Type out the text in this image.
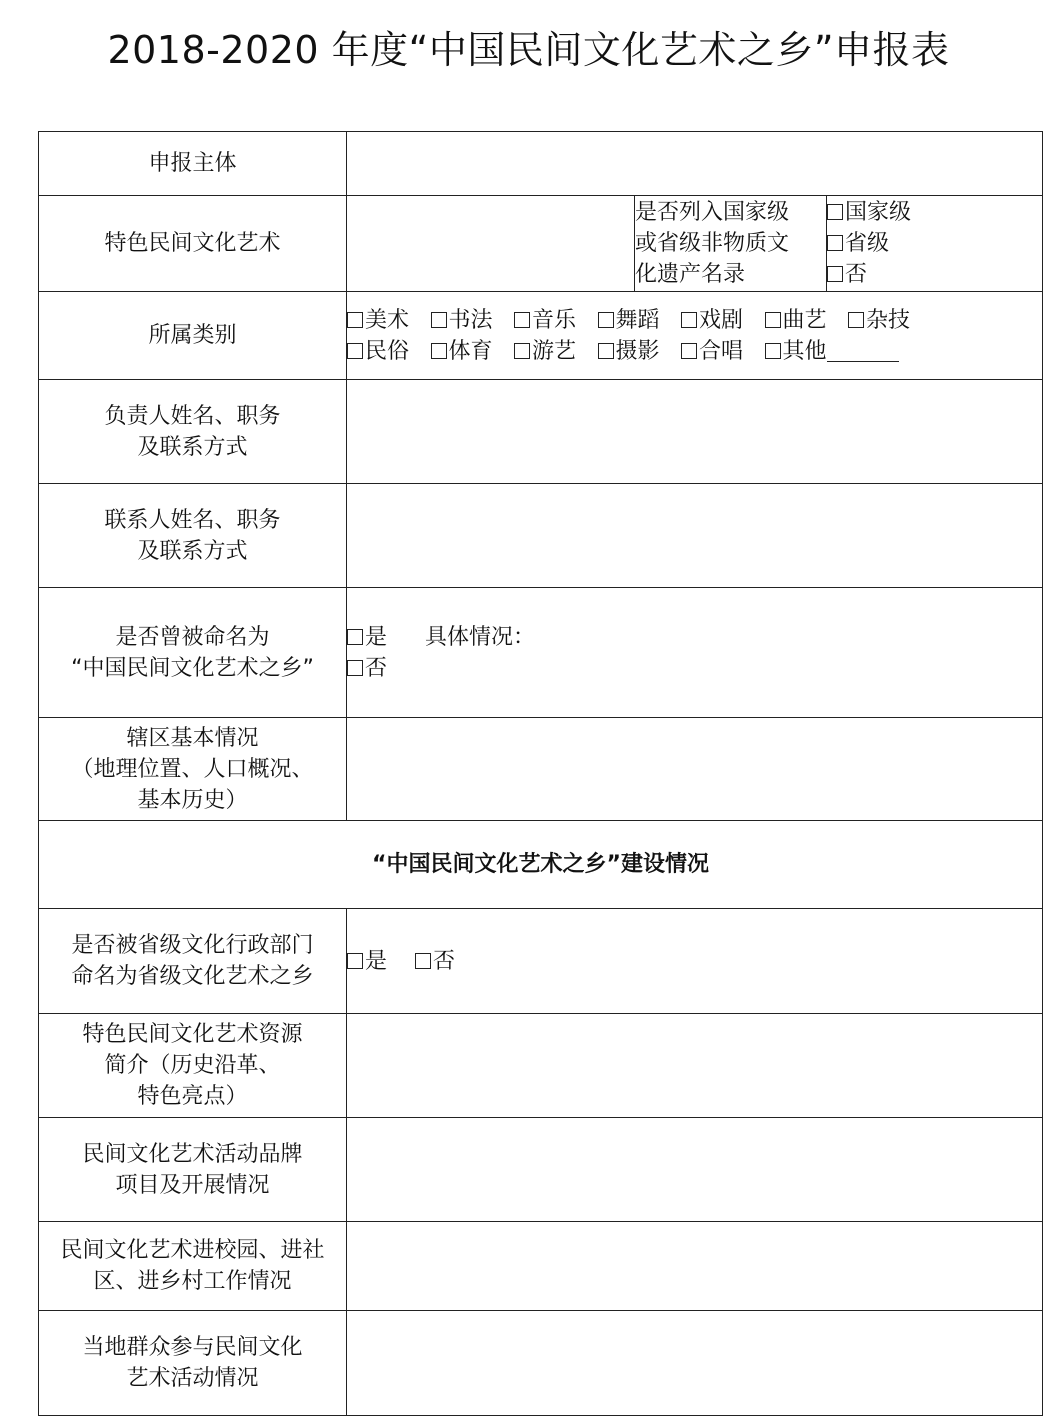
2018-2020 年度“中国民间文化艺术之乡”申报表
申报主体			

特色民间文化艺术		是否列入国家级
或省级非物质文
化遗产名录	国家级
省级
否

所属类别	美术 书法 音乐 舞蹈 戏剧 曲艺 杂技
民俗 体育 游艺 摄影 合唱 其他		

负责人姓名、职务
及联系方式			

联系人姓名、职务
及联系方式			

是否曾被命名为
“中国民间文化艺术之乡”	是 具体情况：
否		

辖区基本情况
（地理位置、人口概况、
基本历史）			

“中国民间文化艺术之乡”建设情况			

是否被省级文化行政部门
命名为省级文化艺术之乡	是 否		

特色民间文化艺术资源
简介（历史沿革、
特色亮点）			

民间文化艺术活动品牌
项目及开展情况			

民间文化艺术进校园、进社
区、进乡村工作情况			

当地群众参与民间文化
艺术活动情况			
